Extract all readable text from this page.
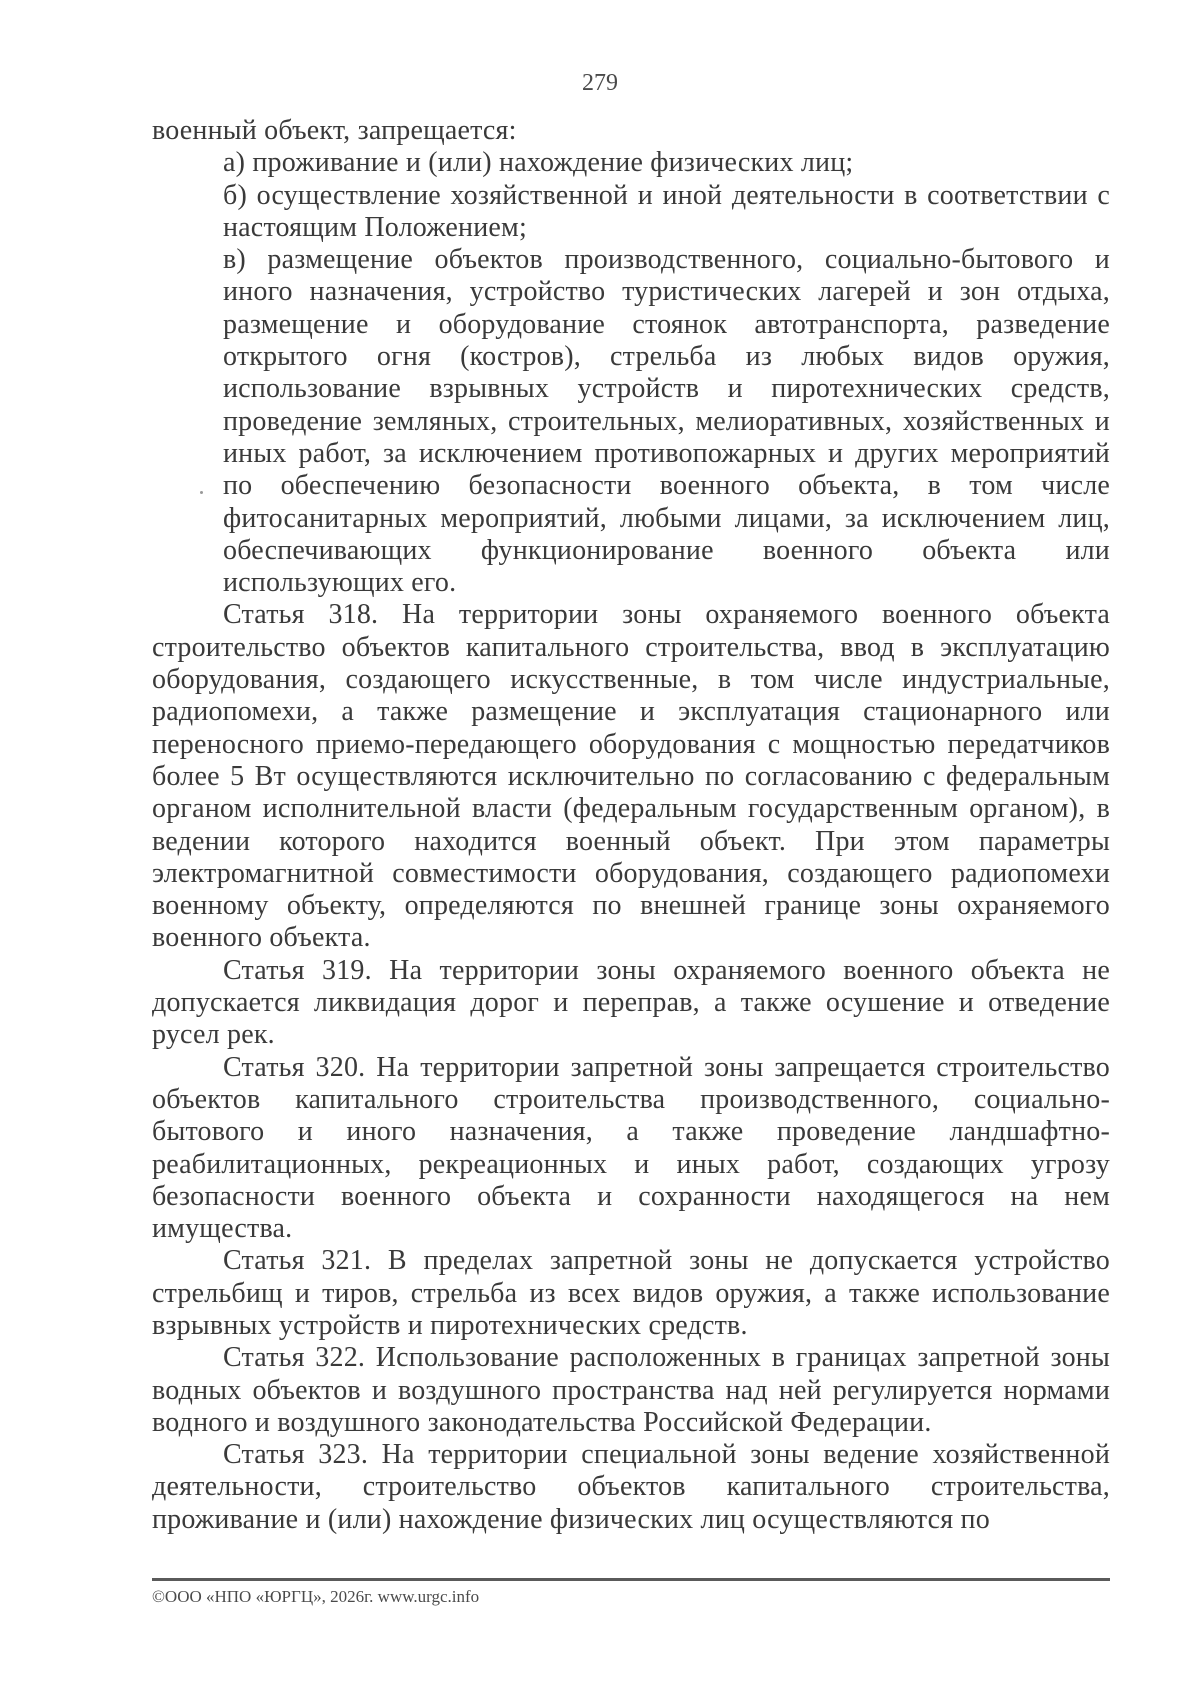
279

военный объект, запрещается:

а) проживание и (или) нахождение физических лиц;

б) осуществление хозяйственной и иной деятельности в соответствии с настоящим Положением;

в) размещение объектов производственного, социально-бытового и иного назначения, устройство туристических лагерей и зон отдыха, размещение и оборудование стоянок автотранспорта, разведение открытого огня (костров), стрельба из любых видов оружия, использование взрывных устройств и пиротехнических средств, проведение земляных, строительных, мелиоративных, хозяйственных и иных работ, за исключением противопожарных и других мероприятий по обеспечению безопасности военного объекта, в том числе фитосанитарных мероприятий, любыми лицами, за исключением лиц, обеспечивающих функционирование военного объекта или использующих его.

Статья 318. На территории зоны охраняемого военного объекта строительство объектов капитального строительства, ввод в эксплуатацию оборудования, создающего искусственные, в том числе индустриальные, радиопомехи, а также размещение и эксплуатация стационарного или переносного приемо-передающего оборудования с мощностью передатчиков более 5 Вт осуществляются исключительно по согласованию с федеральным органом исполнительной власти (федеральным государственным органом), в ведении которого находится военный объект. При этом параметры электромагнитной совместимости оборудования, создающего радиопомехи военному объекту, определяются по внешней границе зоны охраняемого военного объекта.

Статья 319. На территории зоны охраняемого военного объекта не допускается ликвидация дорог и переправ, а также осушение и отведение русел рек.

Статья 320. На территории запретной зоны запрещается строительство объектов капитального строительства производственного, социально-бытового и иного назначения, а также проведение ландшафтно-реабилитационных, рекреационных и иных работ, создающих угрозу безопасности военного объекта и сохранности находящегося на нем имущества.

Статья 321. В пределах запретной зоны не допускается устройство стрельбищ и тиров, стрельба из всех видов оружия, а также использование взрывных устройств и пиротехнических средств.

Статья 322. Использование расположенных в границах запретной зоны водных объектов и воздушного пространства над ней регулируется нормами водного и воздушного законодательства Российской Федерации.

Статья 323. На территории специальной зоны ведение хозяйственной деятельности, строительство объектов капитального строительства, проживание и (или) нахождение физических лиц осуществляются по

©ООО «НПО «ЮРГЦ», 2026г. www.urgc.info
